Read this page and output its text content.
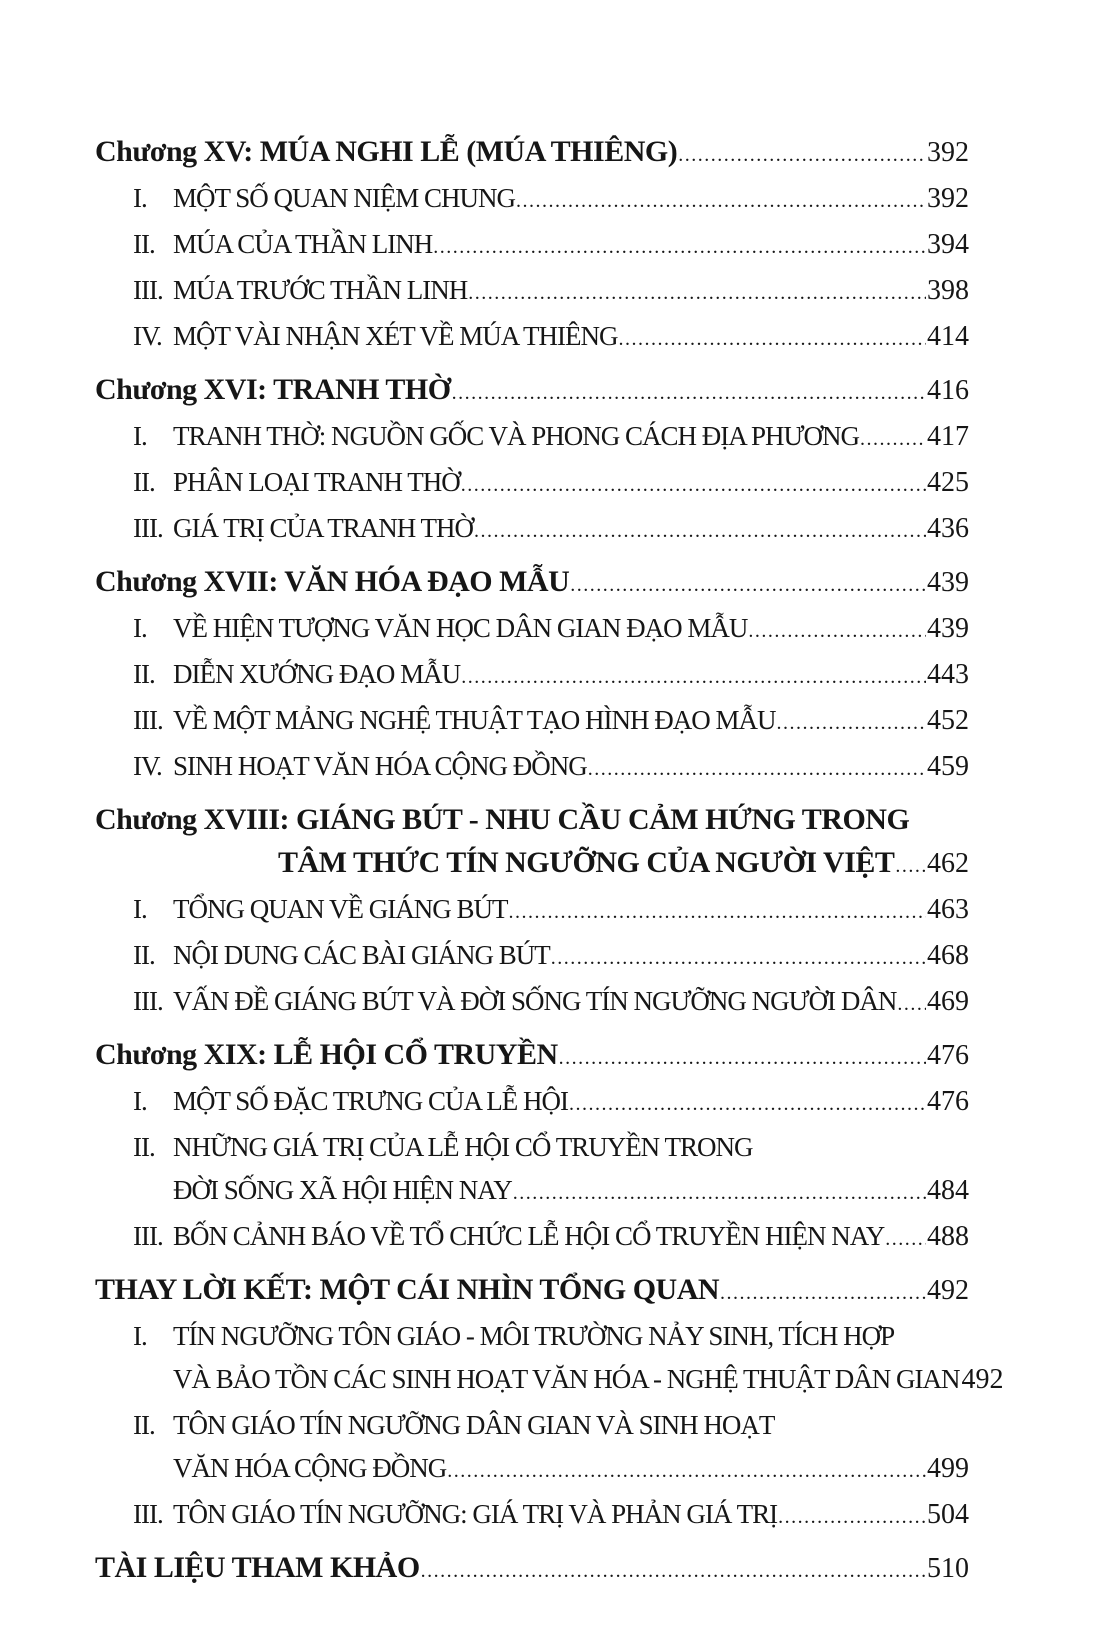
Chương XV: MÚA NGHI LỄ (MÚA THIÊNG) .....	392
I. MỘT SỐ QUAN NIỆM CHUNG .....	392
II. MÚA CỦA THẦN LINH .....	394
III. MÚA TRƯỚC THẦN LINH .....	398
IV. MỘT VÀI NHẬN XÉT VỀ MÚA THIÊNG .....	414
Chương XVI: TRANH THỜ .....	416
I. TRANH THỜ: NGUỒN GỐC VÀ PHONG CÁCH ĐỊA PHƯƠNG ..... 417
II. PHÂN LOẠI TRANH THỜ .....	425
III. GIÁ TRỊ CỦA TRANH THỜ .....	436
Chương XVII: VĂN HÓA ĐẠO MẪU .....	439
I. VỀ HIỆN TƯỢNG VĂN HỌC DÂN GIAN ĐẠO MẪU .....	439
II. DIỄN XƯỚNG ĐẠO MẪU .....	443
III. VỀ MỘT MẢNG NGHỆ THUẬT TẠO HÌNH ĐẠO MẪU .....	452
IV. SINH HOẠT VĂN HÓA CỘNG ĐỒNG .....	459
Chương XVIII: GIÁNG BÚT - NHU CẦU CẢM HỨNG TRONG
TÂM THỨC TÍN NGƯỠNG CỦA NGƯỜI VIỆT ..... 462
I. TỔNG QUAN VỀ GIÁNG BÚT .....	463
II. NỘI DUNG CÁC BÀI GIÁNG BÚT .....	468
III. VẤN ĐỀ GIÁNG BÚT VÀ ĐỜI SỐNG TÍN NGƯỠNG NGƯỜI DÂN ..... 469
Chương XIX: LỄ HỘI CỔ TRUYỀN .....	476
I. MỘT SỐ ĐẶC TRƯNG CỦA LỄ HỘI .....	476
II. NHỮNG GIÁ TRỊ CỦA LỄ HỘI CỔ TRUYỀN TRONG
ĐỜI SỐNG XÃ HỘI HIỆN NAY .....	484
III. BỐN CẢNH BÁO VỀ TỔ CHỨC LỄ HỘI CỔ TRUYỀN HIỆN NAY ..... 488
THAY LỜI KẾT: MỘT CÁI NHÌN TỔNG QUAN .....	492
I. TÍN NGƯỠNG TÔN GIÁO - MÔI TRƯỜNG NẢY SINH, TÍCH HỢP
VÀ BẢO TỒN CÁC SINH HOẠT VĂN HÓA - NGHỆ THUẬT DÂN GIAN 492
II. TÔN GIÁO TÍN NGƯỠNG DÂN GIAN VÀ SINH HOẠT
VĂN HÓA CỘNG ĐỒNG .....	499
III. TÔN GIÁO TÍN NGƯỠNG: GIÁ TRỊ VÀ PHẢN GIÁ TRỊ .....	504
TÀI LIỆU THAM KHẢO .....	510
